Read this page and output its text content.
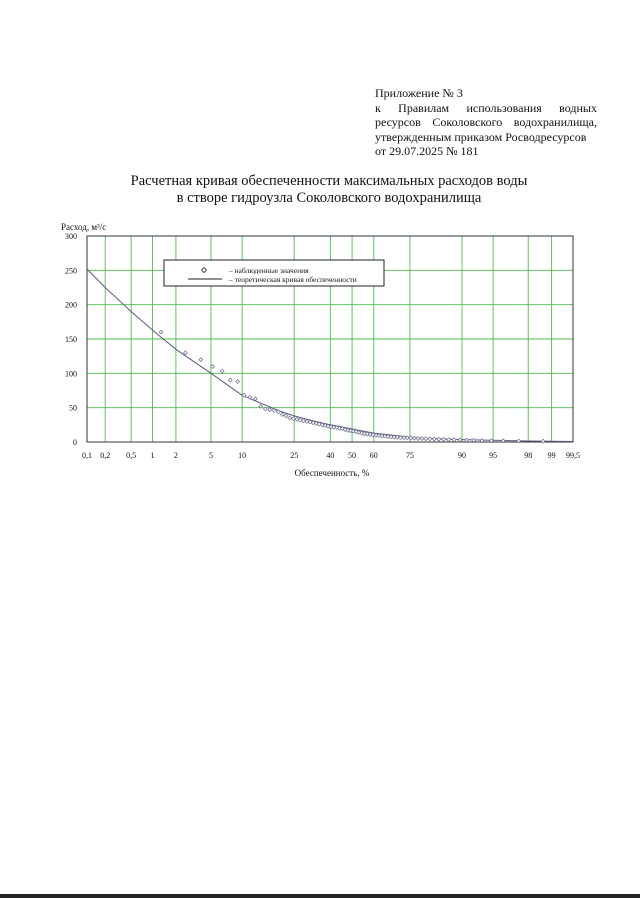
Приложение № 3
к Правилам использования водных
ресурсов Соколовского водохранилища,
утвержденным приказом Росводресурсов
от 29.07.2025 № 181
Расчетная кривая обеспеченности максимальных расходов воды
в створе гидроузла Соколовского водохранилища
0
50
100
150
200
250
300
0,1 0,2 0,5 1 2	5	10	25	40 50 60	75	90	95	98 99 99,5
Расход, м³/с
Обеспеченность, %
– наблюденные значения
– теоретическая кривая обеспеченности
